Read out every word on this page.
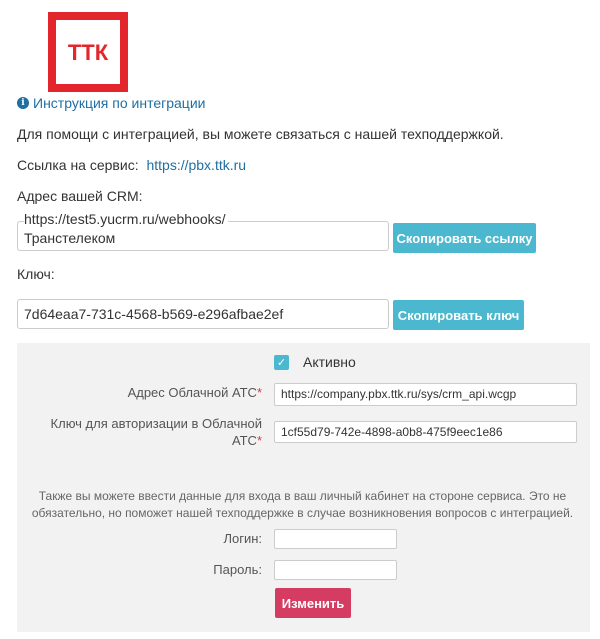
ТТК
i Инструкция по интеграции
Для помощи с интеграцией, вы можете связаться с нашей техподдержкой.
Ссылка на сервис: https://pbx.ttk.ru
Адрес вашей CRM:
Транстелеком
https://test5.yucrm.ru/webhooks/
Скопировать ссылку
Ключ:
7d64eaa7-731c-4568-b569-e296afbae2ef	Скопировать ключ
✓ Активно
Адрес Облачной АТС*	https://company.pbx.ttk.ru/sys/crm_api.wcgp
Ключ для авторизации в Облачной
АТС*
1cf55d79-742e-4898-a0b8-475f9eec1e86
Также вы можете ввести данные для входа в ваш личный кабинет на стороне сервиса. Это не обязательно, но поможет нашей техподдержке в случае возникновения вопросов с интеграцией.
Логин:
Пароль:
Изменить
